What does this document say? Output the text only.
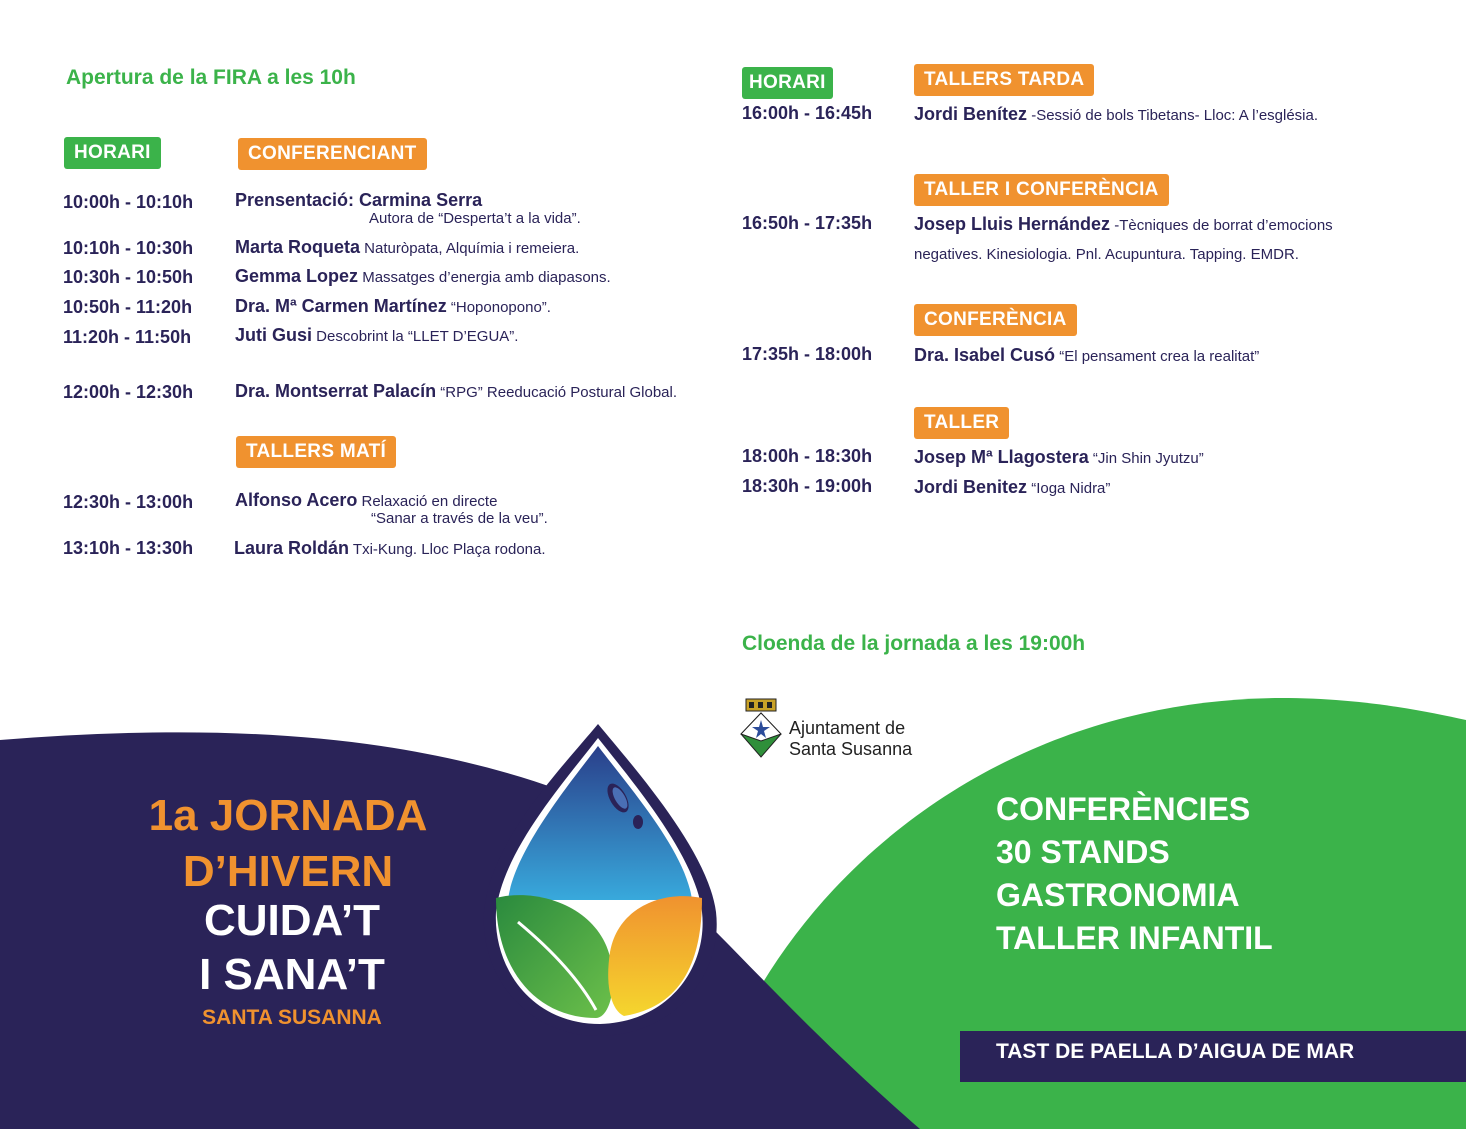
Apertura de la FIRA a les 10h
HORARI	CONFERENCIANT
10:00h - 10:10h Prensentació: Carmina Serra
Autora de “Desperta’t a la vida”.
10:10h - 10:30h Marta Roqueta Naturòpata, Alquímia i remeiera.
10:30h - 10:50h Gemma Lopez Massatges d’energia amb diapasons.
10:50h - 11:20h Dra. Mª Carmen Martínez “Hoponopono”.
11:20h - 11:50h Juti Gusi Descobrint la “LLET D’EGUA”.
12:00h - 12:30h Dra. Montserrat Palacín “RPG” Reeducació Postural Global.
TALLERS MATÍ
12:30h - 13:00h Alfonso Acero Relaxació en directe
“Sanar a través de la veu”.
13:10h - 13:30h Laura Roldán Txi-Kung. Lloc Plaça rodona.
HORARI	TALLERS TARDA
16:00h - 16:45h Jordi Benítez -Sessió de bols Tibetans- Lloc: A l’església.
TALLER I CONFERÈNCIA
16:50h - 17:35h Josep Lluis Hernández -Tècniques de borrat d’emocions
negatives. Kinesiologia. Pnl. Acupuntura. Tapping. EMDR.
CONFERÈNCIA
17:35h - 18:00h Dra. Isabel Cusó “El pensament crea la realitat”
TALLER
18:00h - 18:30h Josep Mª Llagostera “Jin Shin Jyutzu”
18:30h - 19:00h Jordi Benitez “Ioga Nidra”
Cloenda de la jornada a les 19:00h
Ajuntament de
Santa Susanna
1a JORNADA
D’HIVERN
CUIDA’T
I SANA’T
SANTA SUSANNA
CONFERÈNCIES
30 STANDS
GASTRONOMIA
TALLER INFANTIL
TAST DE PAELLA D’AIGUA DE MAR
